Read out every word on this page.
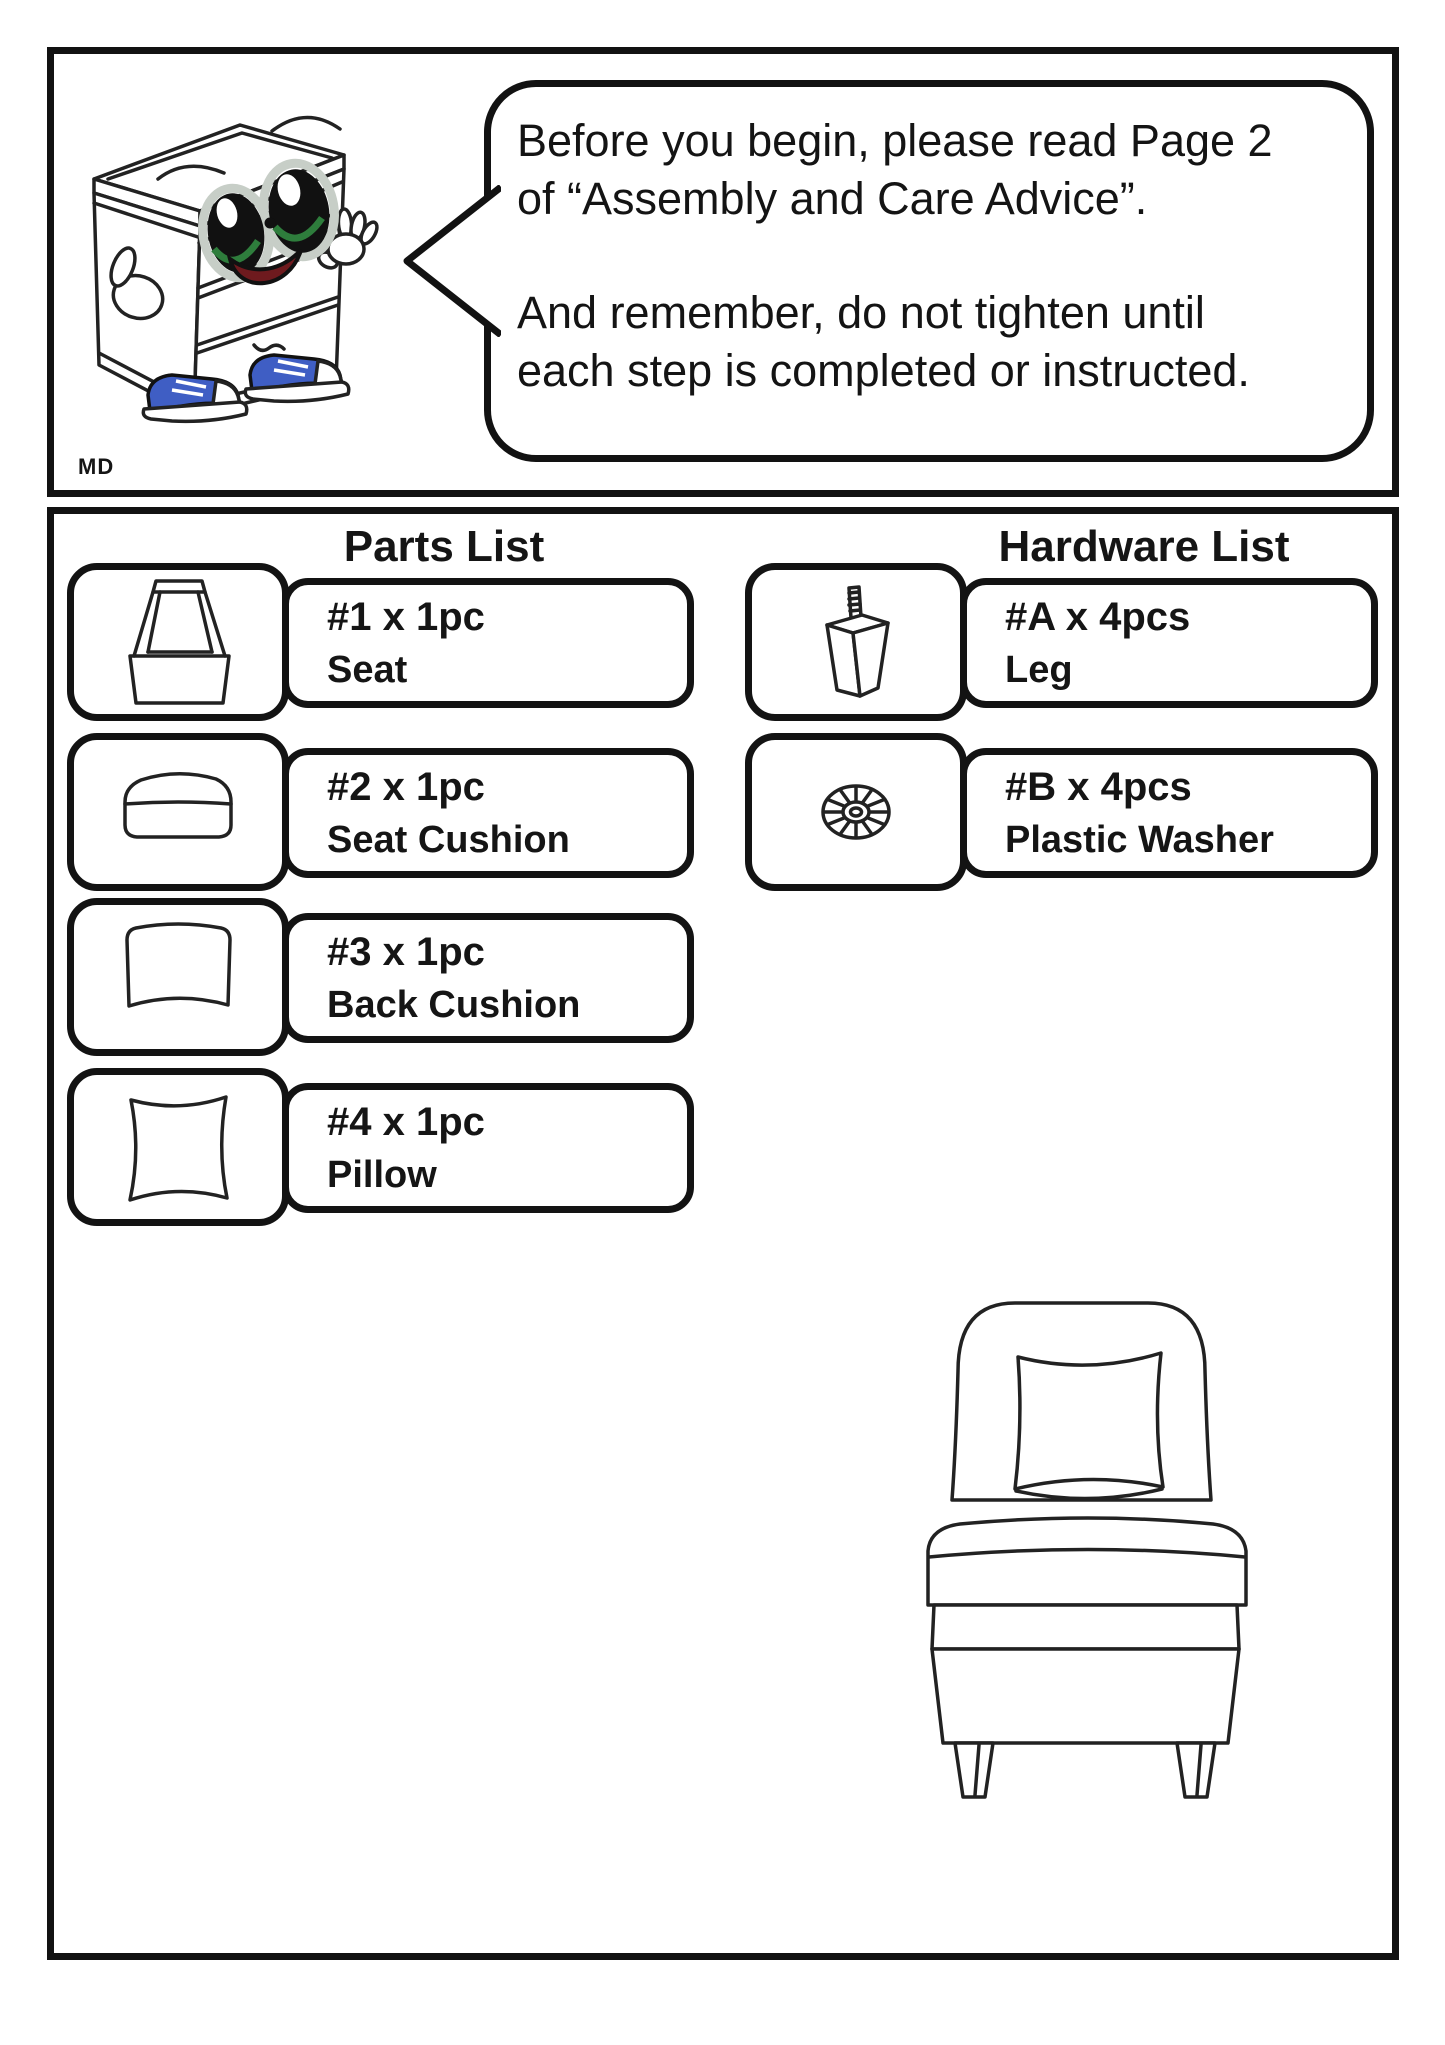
MD
Before you begin, please read Page 2
of “Assembly and Care Advice”.
And remember, do not tighten until
each step is completed or instructed.
Parts List	Hardware List
#1 x 1pc
Seat
#2 x 1pc
Seat Cushion
#3 x 1pc
Back Cushion
#4 x 1pc
Pillow
#A x 4pcs
Leg
#B x 4pcs
Plastic Washer
